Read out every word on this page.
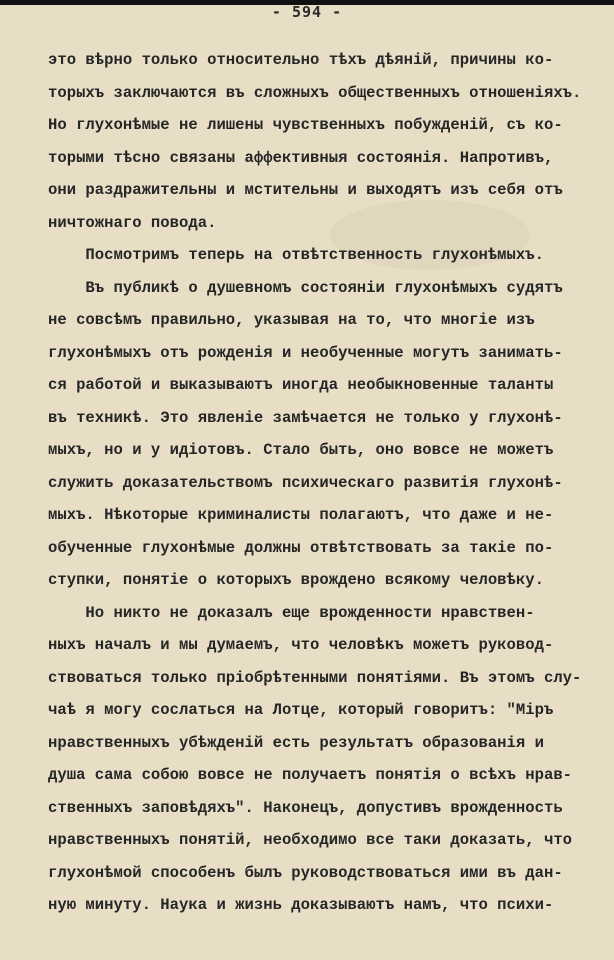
- 594 -
это вѣрно только относительно тѣхъ дѣяній, причины ко-
торыхъ заключаются въ сложныхъ общественныхъ отношеніяхъ.
Но глухонѣмые не лишены чувственныхъ побужденій, съ ко-
торыми тѣсно связаны аффективныя состоянія. Напротивъ,
они раздражительны и мстительны и выходятъ изъ себя отъ
ничтожнаго повода.
Посмотримъ теперь на отвѣтственность глухонѣмыхъ.
Въ публикѣ о душевномъ состояніи глухонѣмыхъ судятъ
не совсѣмъ правильно, указывая на то, что многіе изъ
глухонѣмыхъ отъ рожденія и необученные могутъ занимать-
ся работой и выказываютъ иногда необыкновенные таланты
въ техникѣ. Это явленіе замѣчается не только у глухонѣ-
мыхъ, но и у идіотовъ. Стало быть, оно вовсе не можетъ
служить доказательствомъ психическаго развитія глухонѣ-
мыхъ. Нѣкоторые криминалисты полагаютъ, что даже и не-
обученные глухонѣмые должны отвѣтствовать за такіе по-
ступки, понятіе о которыхъ врождено всякому человѣку.
Но никто не доказалъ еще врожденности нравствен-
ныхъ началъ и мы думаемъ, что человѣкъ можетъ руковод-
ствоваться только пріобрѣтенными понятіями. Въ этомъ слу-
чаѣ я могу сослаться на Лотце, который говоритъ: "Міръ
нравственныхъ убѣжденій есть результатъ образованія и
душа сама собою вовсе не получаетъ понятія о всѣхъ нрав-
ственныхъ заповѣдяхъ". Наконецъ, допустивъ врожденность
нравственныхъ понятій, необходимо все таки доказать, что
глухонѣмой способенъ былъ руководствоваться ими въ дан-
ную минуту. Наука и жизнь доказываютъ намъ, что психи-
